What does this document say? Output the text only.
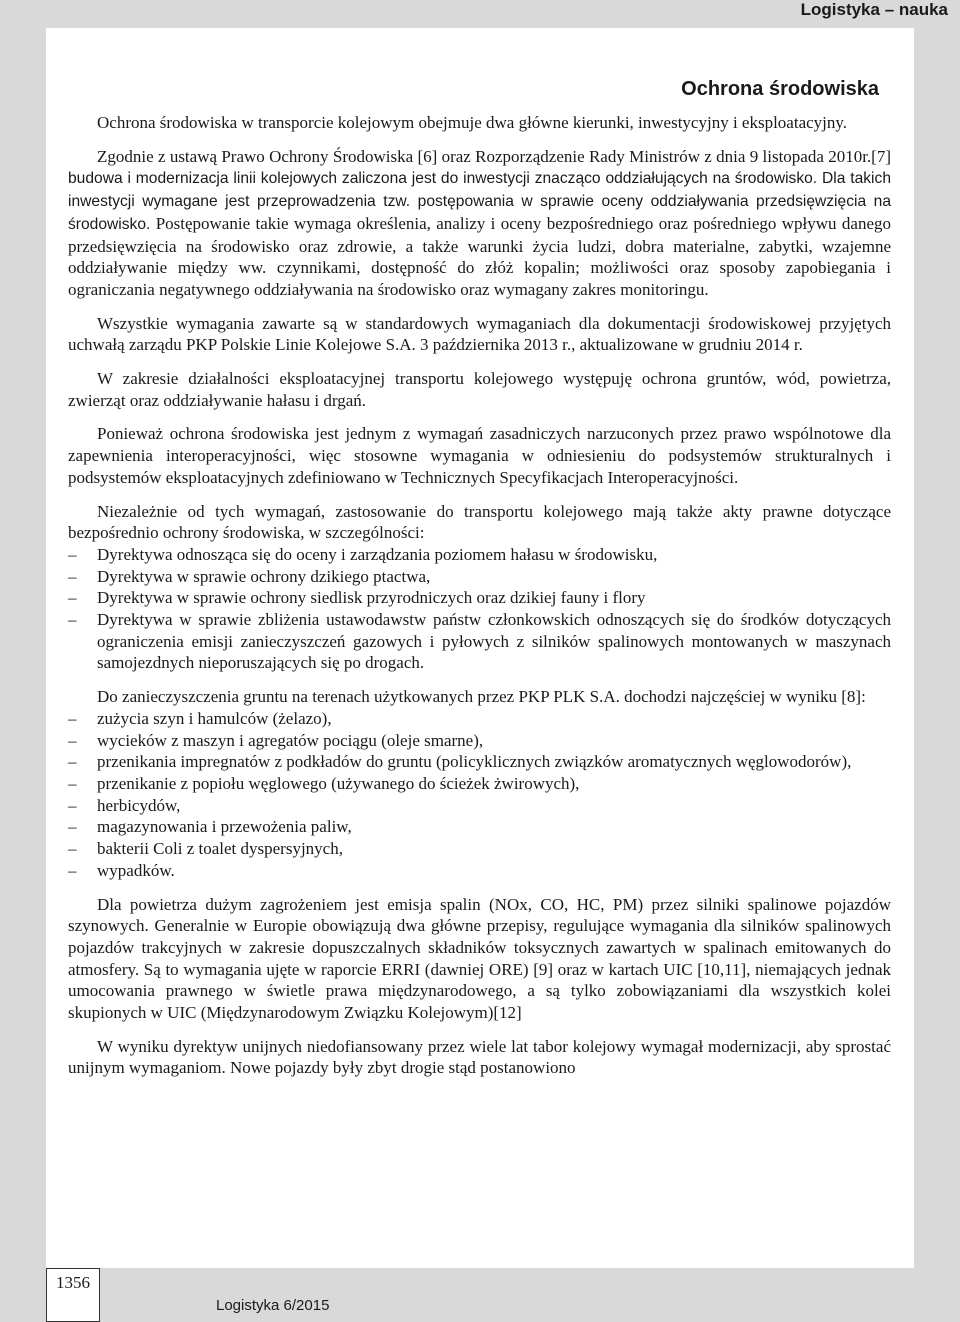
Logistyka – nauka
Ochrona środowiska

Ochrona środowiska w transporcie kolejowym obejmuje dwa główne kierunki, inwestycyjny i eksploatacyjny.

Zgodnie z ustawą Prawo Ochrony Środowiska [6] oraz Rozporządzenie Rady Ministrów z dnia 9 listopada 2010r.[7] budowa i modernizacja linii kolejowych zaliczona jest do inwestycji znacząco oddziałujących na środowisko. Dla takich inwestycji wymagane jest przeprowadzenia tzw. postępowania w sprawie oceny oddziaływania przedsięwzięcia na środowisko. Postępowanie takie wymaga określenia, analizy i oceny bezpośredniego oraz pośredniego wpływu danego przedsięwzięcia na środowisko oraz zdrowie, a także warunki życia ludzi, dobra materialne, zabytki, wzajemne oddziaływanie między ww. czynnikami, dostępność do złóż kopalin; możliwości oraz sposoby zapobiegania i ograniczania negatywnego oddziaływania na środowisko oraz wymagany zakres monitoringu.

Wszystkie wymagania zawarte są w standardowych wymaganiach dla dokumentacji środowiskowej przyjętych uchwałą zarządu PKP Polskie Linie Kolejowe S.A. 3 października 2013 r., aktualizowane w grudniu 2014 r.

W zakresie działalności eksploatacyjnej transportu kolejowego występuję ochrona gruntów, wód, powietrza, zwierząt oraz oddziaływanie hałasu i drgań.

Ponieważ ochrona środowiska jest jednym z wymagań zasadniczych narzuconych przez prawo wspólnotowe dla zapewnienia interoperacyjności, więc stosowne wymagania w odniesieniu do podsystemów strukturalnych i podsystemów eksploatacyjnych zdefiniowano w Technicznych Specyfikacjach Interoperacyjności.

Niezależnie od tych wymagań, zastosowanie do transportu kolejowego mają także akty prawne dotyczące bezpośrednio ochrony środowiska, w szczególności:

–	Dyrektywa odnosząca się do oceny i zarządzania poziomem hałasu w środowisku,
–	Dyrektywa w sprawie ochrony dzikiego ptactwa,
–	Dyrektywa w sprawie ochrony siedlisk przyrodniczych oraz dzikiej fauny i flory
–	Dyrektywa w sprawie zbliżenia ustawodawstw państw członkowskich odnoszących się do środków dotyczących ograniczenia emisji zanieczyszczeń gazowych i pyłowych z silników spalinowych montowanych w maszynach samojezdnych nieporuszających się po drogach.

Do zanieczyszczenia gruntu na terenach użytkowanych przez PKP PLK S.A. dochodzi najczęściej w wyniku [8]:

–	zużycia szyn i hamulców (żelazo),
–	wycieków z maszyn i agregatów pociągu (oleje smarne),
–	przenikania impregnatów z podkładów do gruntu (policyklicznych związków aromatycznych węglowodorów),
–	przenikanie z popiołu węglowego (używanego do ścieżek żwirowych),
–	herbicydów,
–	magazynowania i przewożenia paliw,
–	bakterii Coli z toalet dyspersyjnych,
–	wypadków.

Dla powietrza dużym zagrożeniem jest emisja spalin (NOx, CO, HC, PM) przez silniki spalinowe pojazdów szynowych. Generalnie w Europie obowiązują dwa główne przepisy, regulujące wymagania dla silników spalinowych pojazdów trakcyjnych w zakresie dopuszczalnych składników toksycznych zawartych w spalinach emitowanych do atmosfery. Są to wymagania ujęte w raporcie ERRI (dawniej ORE) [9] oraz w kartach UIC [10,11], niemających jednak umocowania prawnego w świetle prawa międzynarodowego, a są tylko zobowiązaniami dla wszystkich kolei skupionych w UIC (Międzynarodowym Związku Kolejowym)[12]

W wyniku dyrektyw unijnych niedofiansowany przez wiele lat tabor kolejowy wymagał modernizacji, aby sprostać unijnym wymaganiom. Nowe pojazdy były zbyt drogie stąd postanowiono

1356
Logistyka 6/2015
